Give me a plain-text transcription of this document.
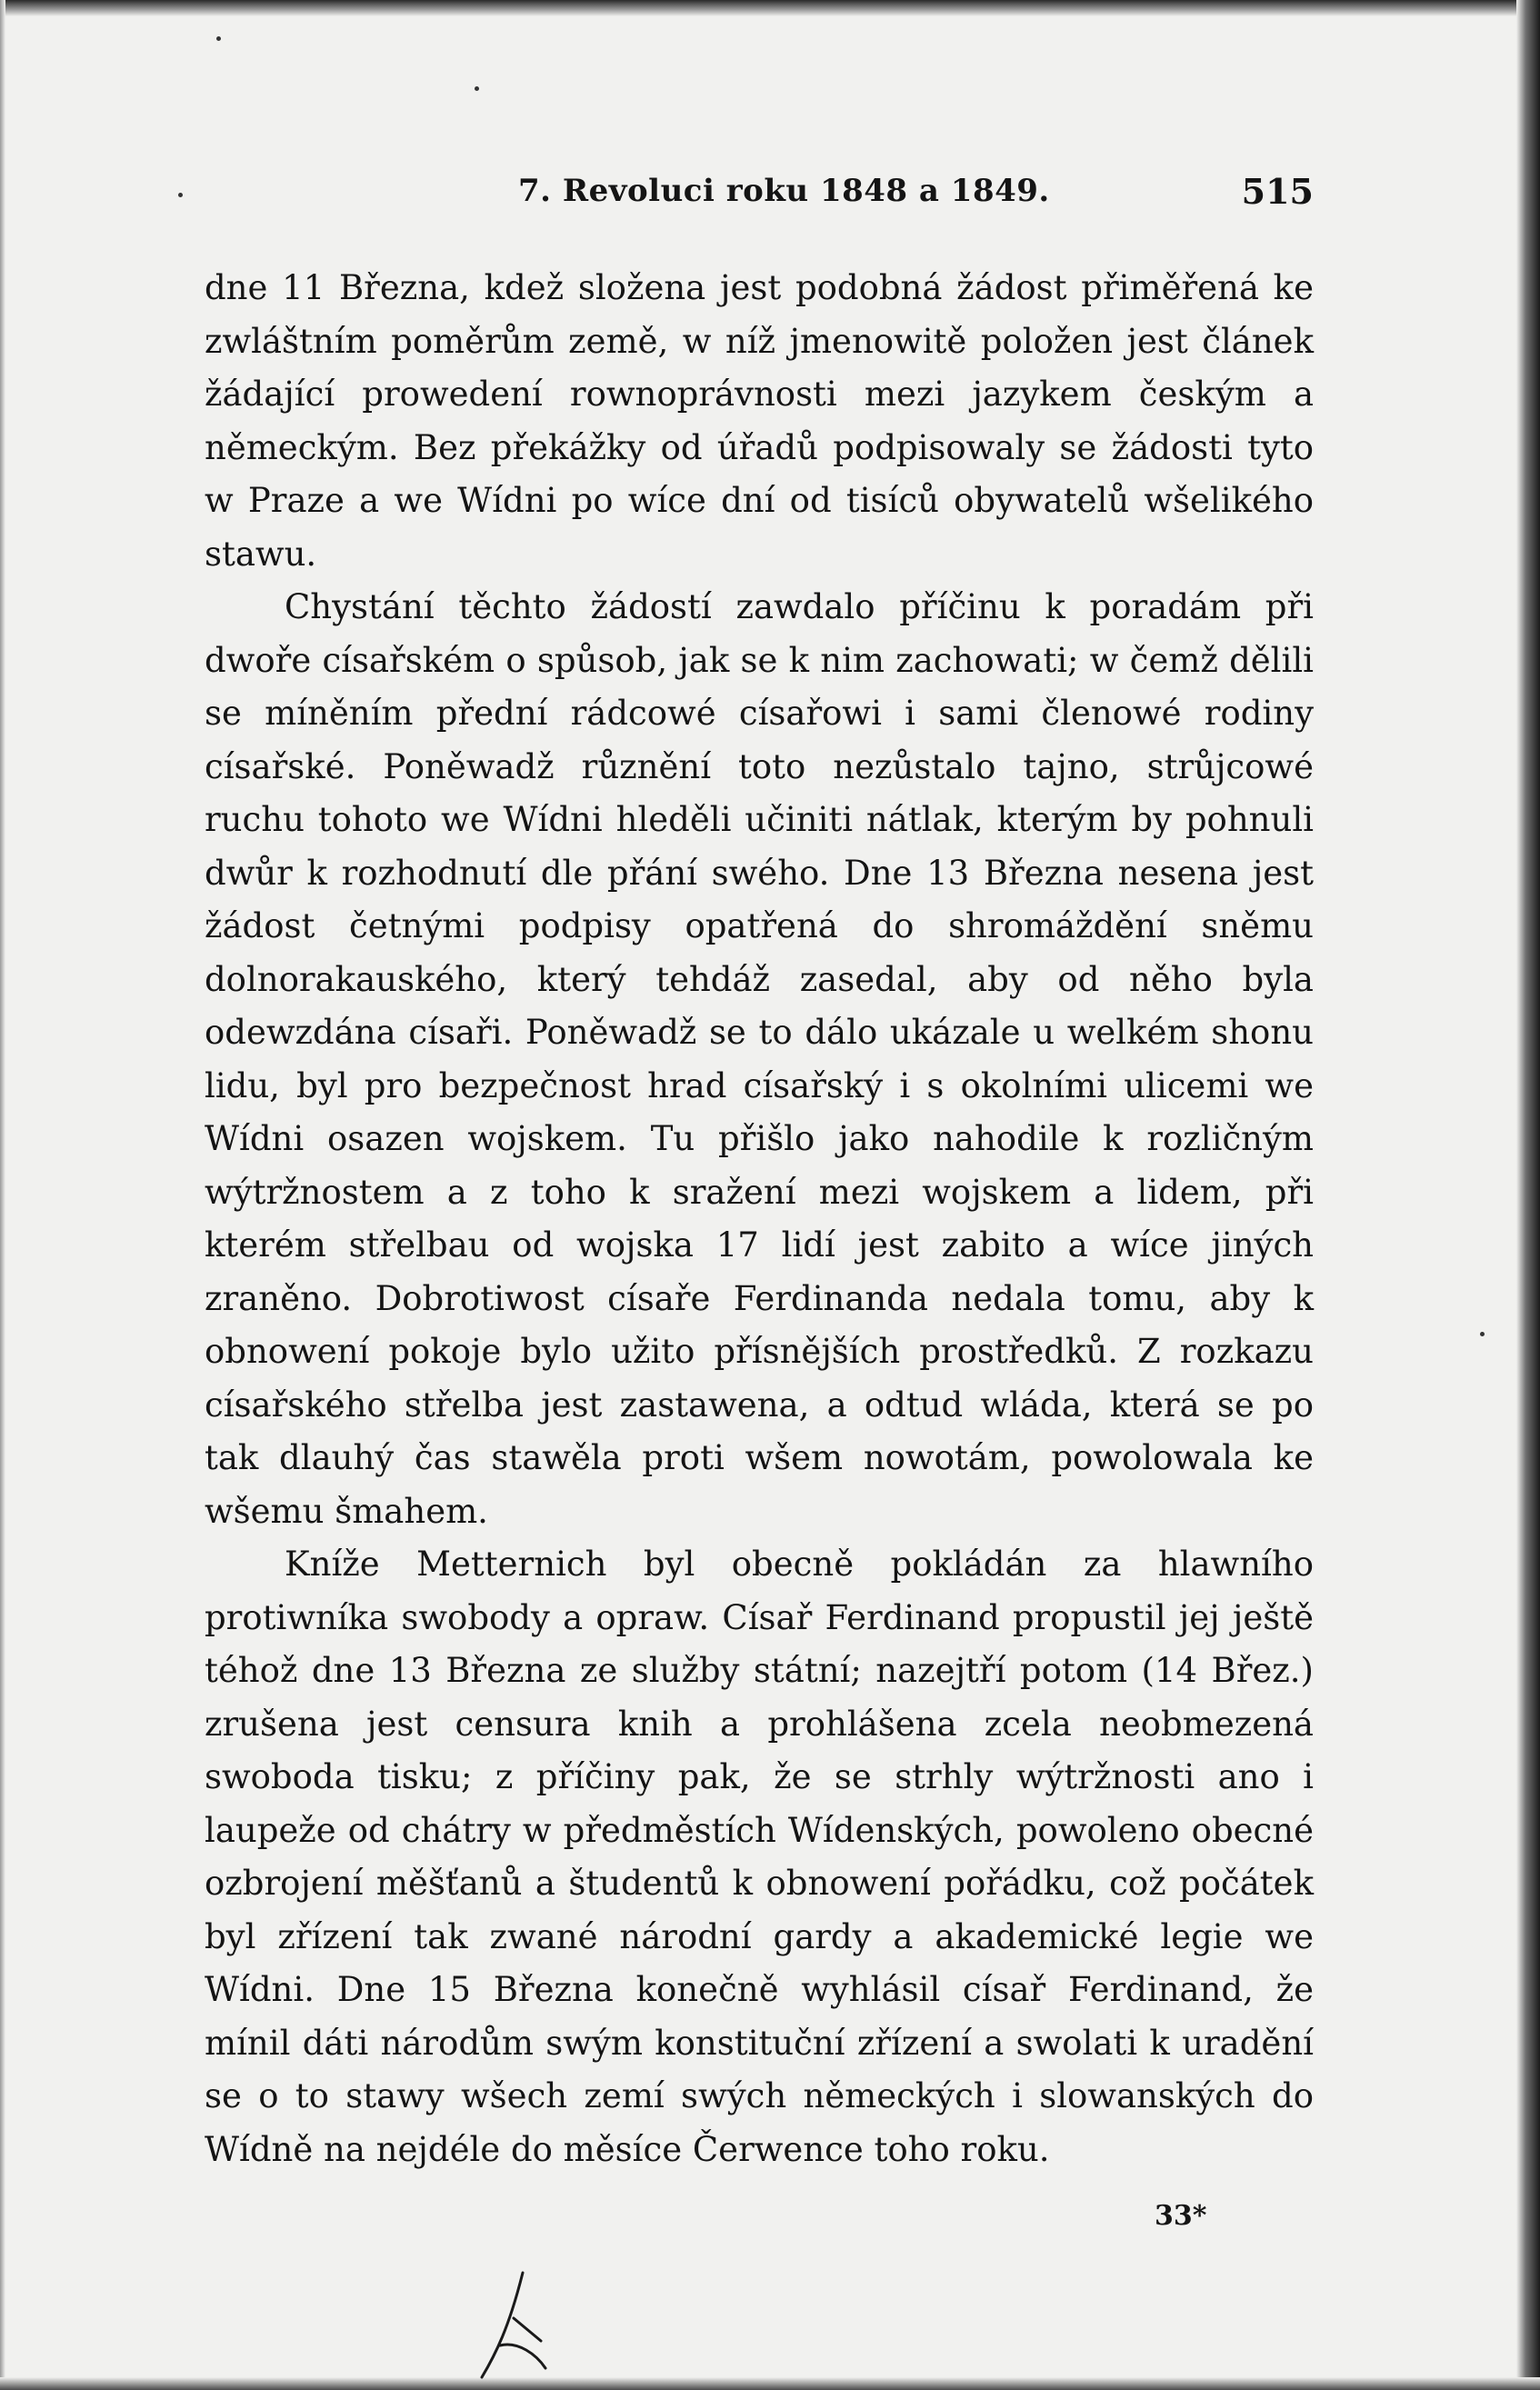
7. Revoluci roku 1848 a 1849.	515

dne 11 Března, kdež složena jest podobná žádost přiměřená ke zwláštním poměrům země, w níž jmenowitě položen jest článek žádající prowedení rownoprávnosti mezi jazykem českým a německým. Bez překážky od úřadů podpisowaly se žádosti tyto w Praze a we Wídni po wíce dní od tisíců obywatelů wšelikého stawu.

Chystání těchto žádostí zawdalo příčinu k poradám při dwoře císařském o spůsob, jak se k nim zachowati; w čemž dělili se míněním přední rádcowé císařowi i sami členowé rodiny císařské. Poněwadž různění toto nezůstalo tajno, strůjcowé ruchu tohoto we Wídni hleděli učiniti nátlak, kterým by pohnuli dwůr k rozhodnutí dle přání swého. Dne 13 Března nesena jest žádost četnými podpisy opatřená do shromáždění sněmu dolnorakauského, který tehdáž zasedal, aby od něho byla odewzdána císaři. Poněwadž se to dálo ukázale u welkém shonu lidu, byl pro bezpečnost hrad císařský i s okolními ulicemi we Wídni osazen wojskem. Tu přišlo jako nahodile k rozličným wýtržnostem a z toho k sražení mezi wojskem a lidem, při kterém střelbau od wojska 17 lidí jest zabito a wíce jiných zraněno. Dobrotiwost císaře Ferdinanda nedala tomu, aby k obnowení pokoje bylo užito přísnějších prostředků. Z rozkazu císařského střelba jest zastawena, a odtud wláda, která se po tak dlauhý čas stawěla proti wšem nowotám, powolowala ke wšemu šmahem.

Kníže Metternich byl obecně pokládán za hlawního protiwníka swobody a opraw. Císař Ferdinand propustil jej ještě téhož dne 13 Března ze služby státní; nazejtří potom (14 Břez.) zrušena jest censura knih a prohlášena zcela neobmezená swoboda tisku; z příčiny pak, že se strhly wýtržnosti ano i laupeže od chátry w předměstích Wídenských, powoleno obecné ozbrojení měšťanů a študentů k obnowení pořádku, což počátek byl zřízení tak zwané národní gardy a akademické legie we Wídni. Dne 15 Března konečně wyhlásil císař Ferdinand, že mínil dáti národům swým konstituční zřízení a swolati k uradění se o to stawy wšech zemí swých německých i slowanských do Wídně na nejdéle do měsíce Čerwence toho roku.

33*
